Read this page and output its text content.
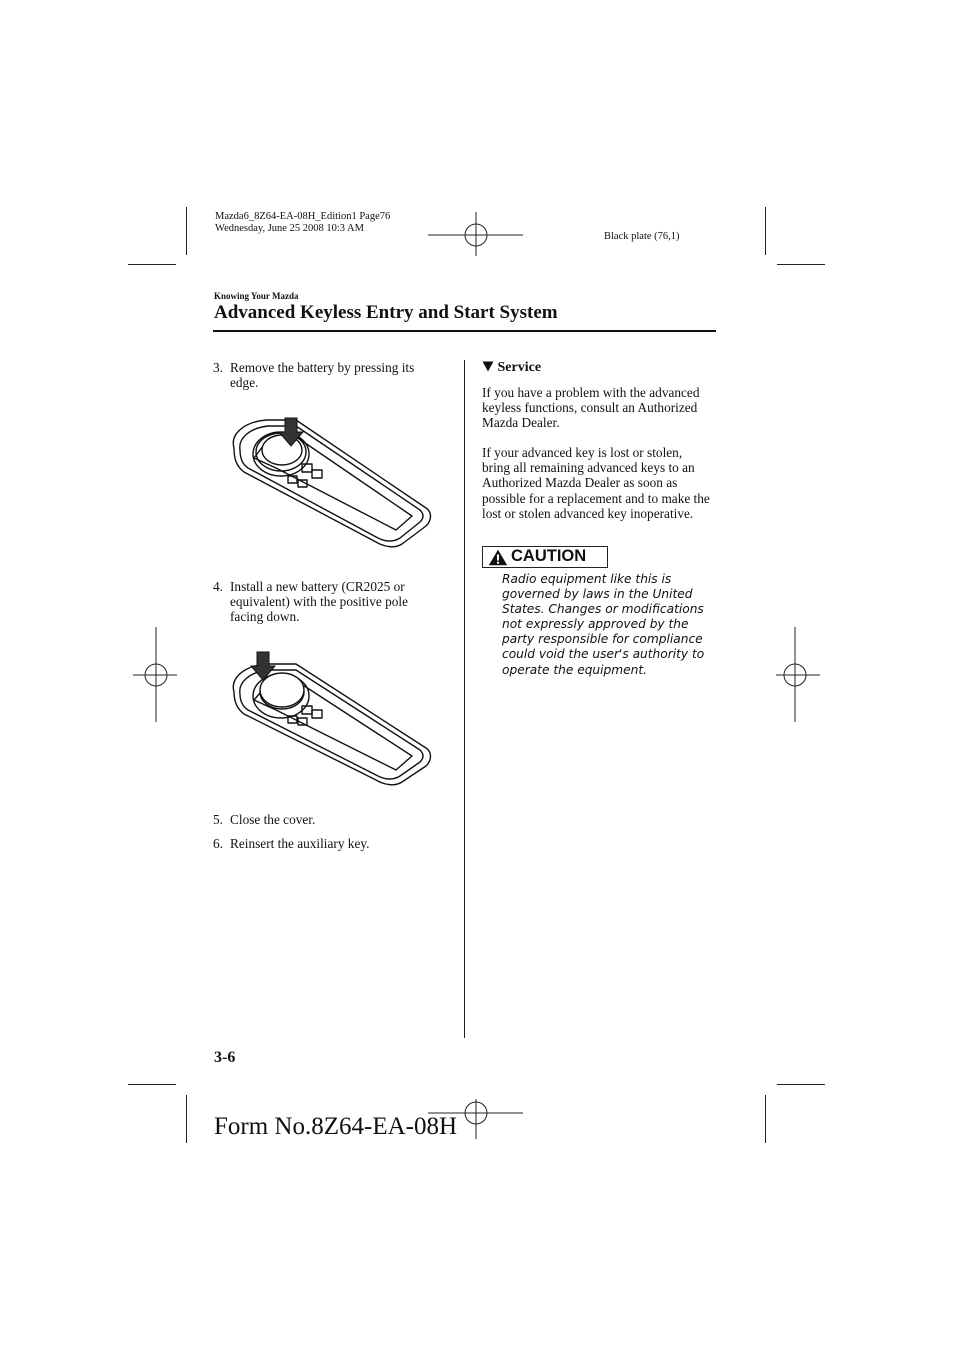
Mazda6_8Z64-EA-08H_Edition1 Page76
Wednesday, June 25 2008 10:3 AM
Black plate (76,1)
Knowing Your Mazda
Advanced Keyless Entry and Start System
3. Remove the battery by pressing its edge.
4. Install a new battery (CR2025 or equivalent) with the positive pole facing down.
5. Close the cover.
6. Reinsert the auxiliary key.
Service
If you have a problem with the advanced keyless functions, consult an Authorized Mazda Dealer.
If your advanced key is lost or stolen, bring all remaining advanced keys to an Authorized Mazda Dealer as soon as possible for a replacement and to make the lost or stolen advanced key inoperative.
CAUTION
Radio equipment like this is governed by laws in the United States. Changes or modifications not expressly approved by the party responsible for compliance could void the user's authority to operate the equipment.
3-6
Form No.8Z64-EA-08H
